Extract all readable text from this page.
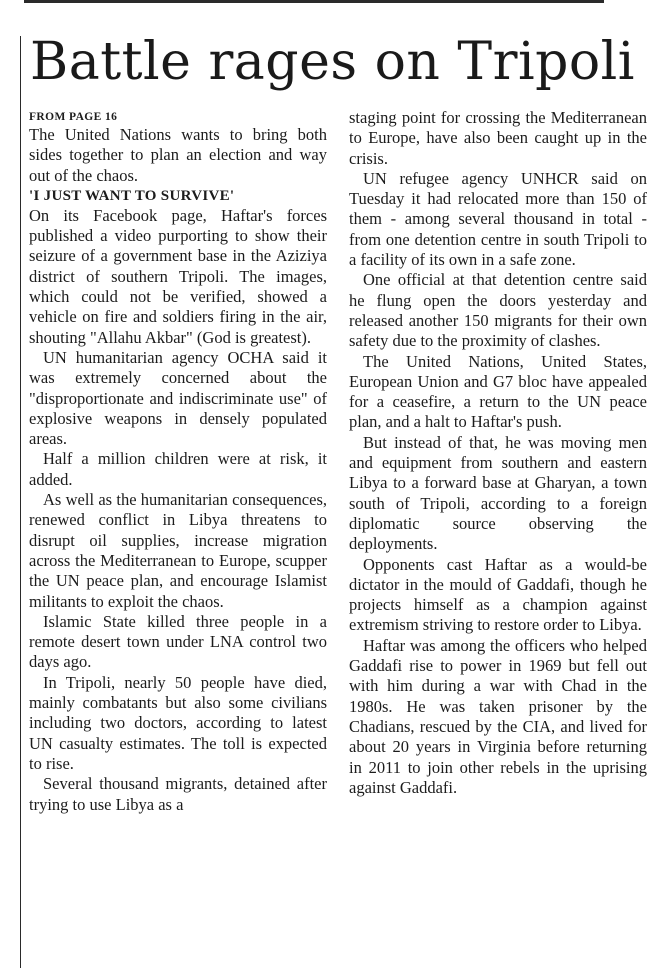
Battle rages on Tripoli

FROM PAGE 16

The United Nations wants to bring both sides together to plan an election and way out of the chaos.

'I JUST WANT TO SURVIVE'

On its Facebook page, Haftar's forces published a video purporting to show their seizure of a government base in the Aziziya district of southern Tripoli. The images, which could not be verified, showed a vehicle on fire and soldiers firing in the air, shouting "Allahu Akbar" (God is greatest).

UN humanitarian agency OCHA said it was extremely concerned about the "disproportionate and indiscriminate use" of explosive weapons in densely populated areas.

Half a million children were at risk, it added.

As well as the humanitarian consequences, renewed conflict in Libya threatens to disrupt oil supplies, increase migration across the Mediterranean to Europe, scupper the UN peace plan, and encourage Islamist militants to exploit the chaos.

Islamic State killed three people in a remote desert town under LNA control two days ago.

In Tripoli, nearly 50 people have died, mainly combatants but also some civilians including two doctors, according to latest UN casualty estimates. The toll is expected to rise.

Several thousand migrants, detained after trying to use Libya as a

staging point for crossing the Mediterranean to Europe, have also been caught up in the crisis.

UN refugee agency UNHCR said on Tuesday it had relocated more than 150 of them - among several thousand in total - from one detention centre in south Tripoli to a facility of its own in a safe zone.

One official at that detention centre said he flung open the doors yesterday and released another 150 migrants for their own safety due to the proximity of clashes.

The United Nations, United States, European Union and G7 bloc have appealed for a ceasefire, a return to the UN peace plan, and a halt to Haftar's push.

But instead of that, he was moving men and equipment from southern and eastern Libya to a forward base at Gharyan, a town south of Tripoli, according to a foreign diplomatic source observing the deployments.

Opponents cast Haftar as a would-be dictator in the mould of Gaddafi, though he projects himself as a champion against extremism striving to restore order to Libya.

Haftar was among the officers who helped Gaddafi rise to power in 1969 but fell out with him during a war with Chad in the 1980s. He was taken prisoner by the Chadians, rescued by the CIA, and lived for about 20 years in Virginia before returning in 2011 to join other rebels in the uprising against Gaddafi.
